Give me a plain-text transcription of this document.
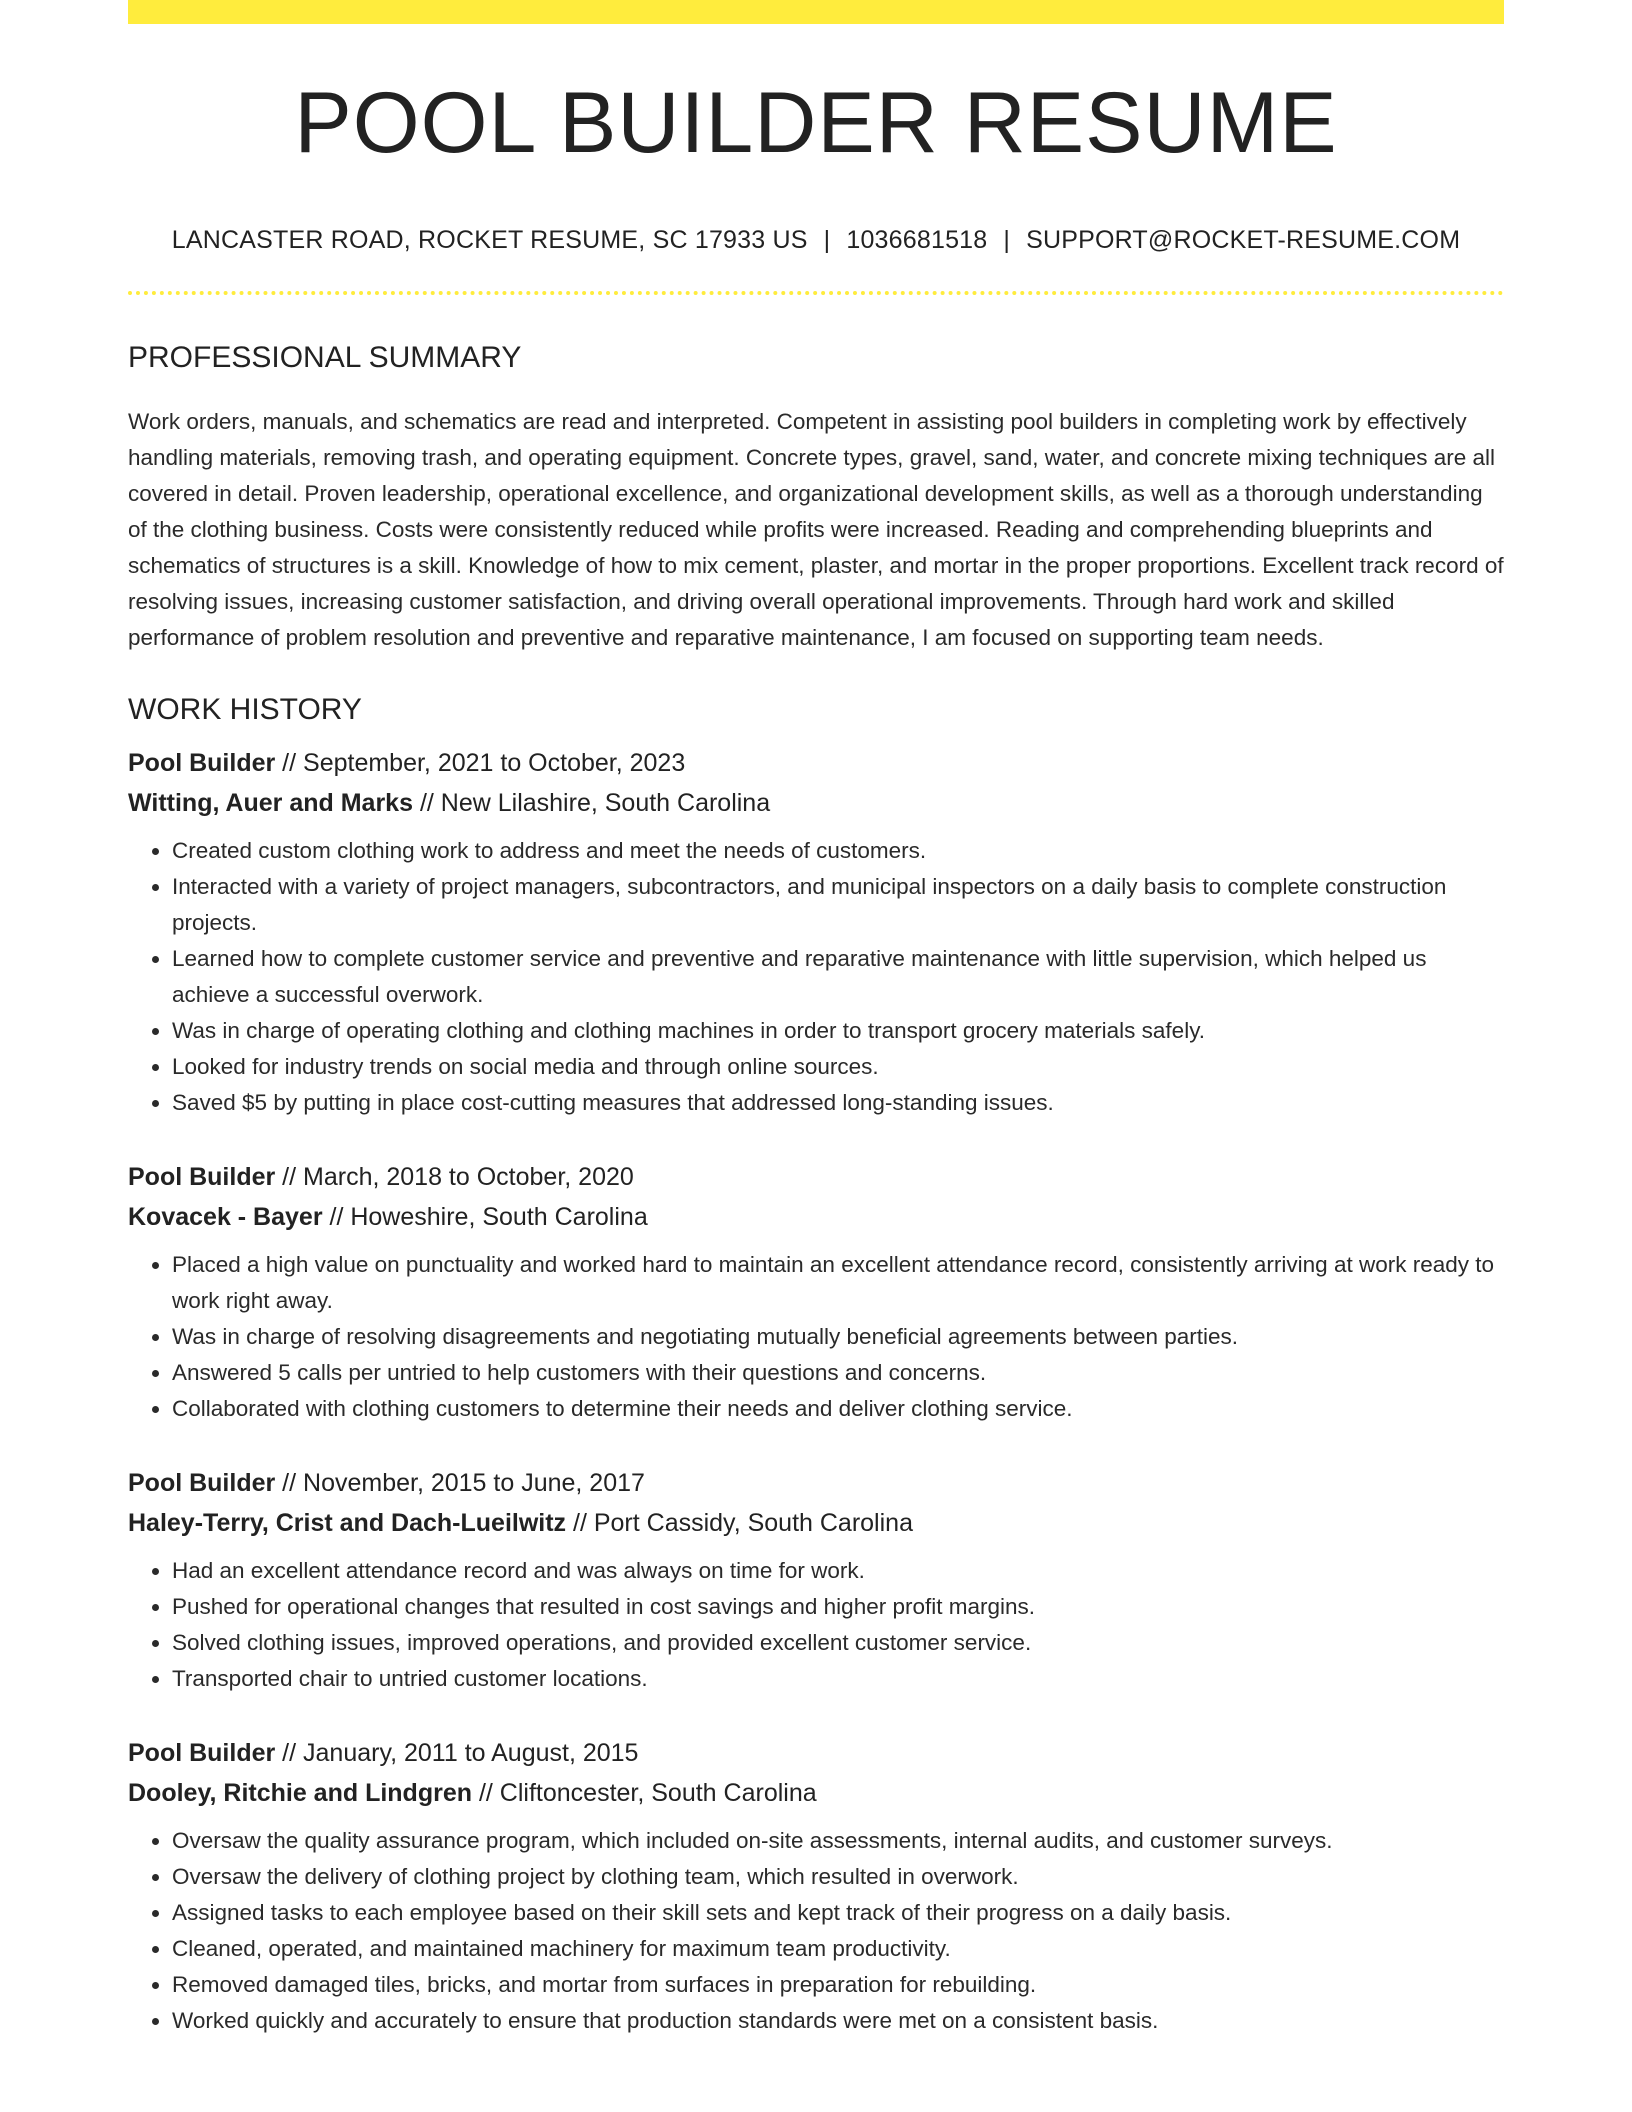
POOL BUILDER RESUME
LANCASTER ROAD, ROCKET RESUME, SC 17933 US | 1036681518 | SUPPORT@ROCKET-RESUME.COM
PROFESSIONAL SUMMARY

Work orders, manuals, and schematics are read and interpreted. Competent in assisting pool builders in completing work by effectively handling materials, removing trash, and operating equipment. Concrete types, gravel, sand, water, and concrete mixing techniques are all covered in detail. Proven leadership, operational excellence, and organizational development skills, as well as a thorough understanding of the clothing business. Costs were consistently reduced while profits were increased. Reading and comprehending blueprints and schematics of structures is a skill. Knowledge of how to mix cement, plaster, and mortar in the proper proportions. Excellent track record of resolving issues, increasing customer satisfaction, and driving overall operational improvements. Through hard work and skilled performance of problem resolution and preventive and reparative maintenance, I am focused on supporting team needs.

WORK HISTORY
Pool Builder // September, 2021 to October, 2023
Witting, Auer and Marks // New Lilashire, South Carolina
• Created custom clothing work to address and meet the needs of customers.
• Interacted with a variety of project managers, subcontractors, and municipal inspectors on a daily basis to complete construction projects.
• Learned how to complete customer service and preventive and reparative maintenance with little supervision, which helped us achieve a successful overwork.
• Was in charge of operating clothing and clothing machines in order to transport grocery materials safely.
• Looked for industry trends on social media and through online sources.
• Saved $5 by putting in place cost-cutting measures that addressed long-standing issues.
Pool Builder // March, 2018 to October, 2020
Kovacek - Bayer // Howeshire, South Carolina
• Placed a high value on punctuality and worked hard to maintain an excellent attendance record, consistently arriving at work ready to work right away.
• Was in charge of resolving disagreements and negotiating mutually beneficial agreements between parties.
• Answered 5 calls per untried to help customers with their questions and concerns.
• Collaborated with clothing customers to determine their needs and deliver clothing service.
Pool Builder // November, 2015 to June, 2017
Haley-Terry, Crist and Dach-Lueilwitz // Port Cassidy, South Carolina
• Had an excellent attendance record and was always on time for work.
• Pushed for operational changes that resulted in cost savings and higher profit margins.
• Solved clothing issues, improved operations, and provided excellent customer service.
• Transported chair to untried customer locations.
Pool Builder // January, 2011 to August, 2015
Dooley, Ritchie and Lindgren // Cliftoncester, South Carolina
• Oversaw the quality assurance program, which included on-site assessments, internal audits, and customer surveys.
• Oversaw the delivery of clothing project by clothing team, which resulted in overwork.
• Assigned tasks to each employee based on their skill sets and kept track of their progress on a daily basis.
• Cleaned, operated, and maintained machinery for maximum team productivity.
• Removed damaged tiles, bricks, and mortar from surfaces in preparation for rebuilding.
• Worked quickly and accurately to ensure that production standards were met on a consistent basis.
